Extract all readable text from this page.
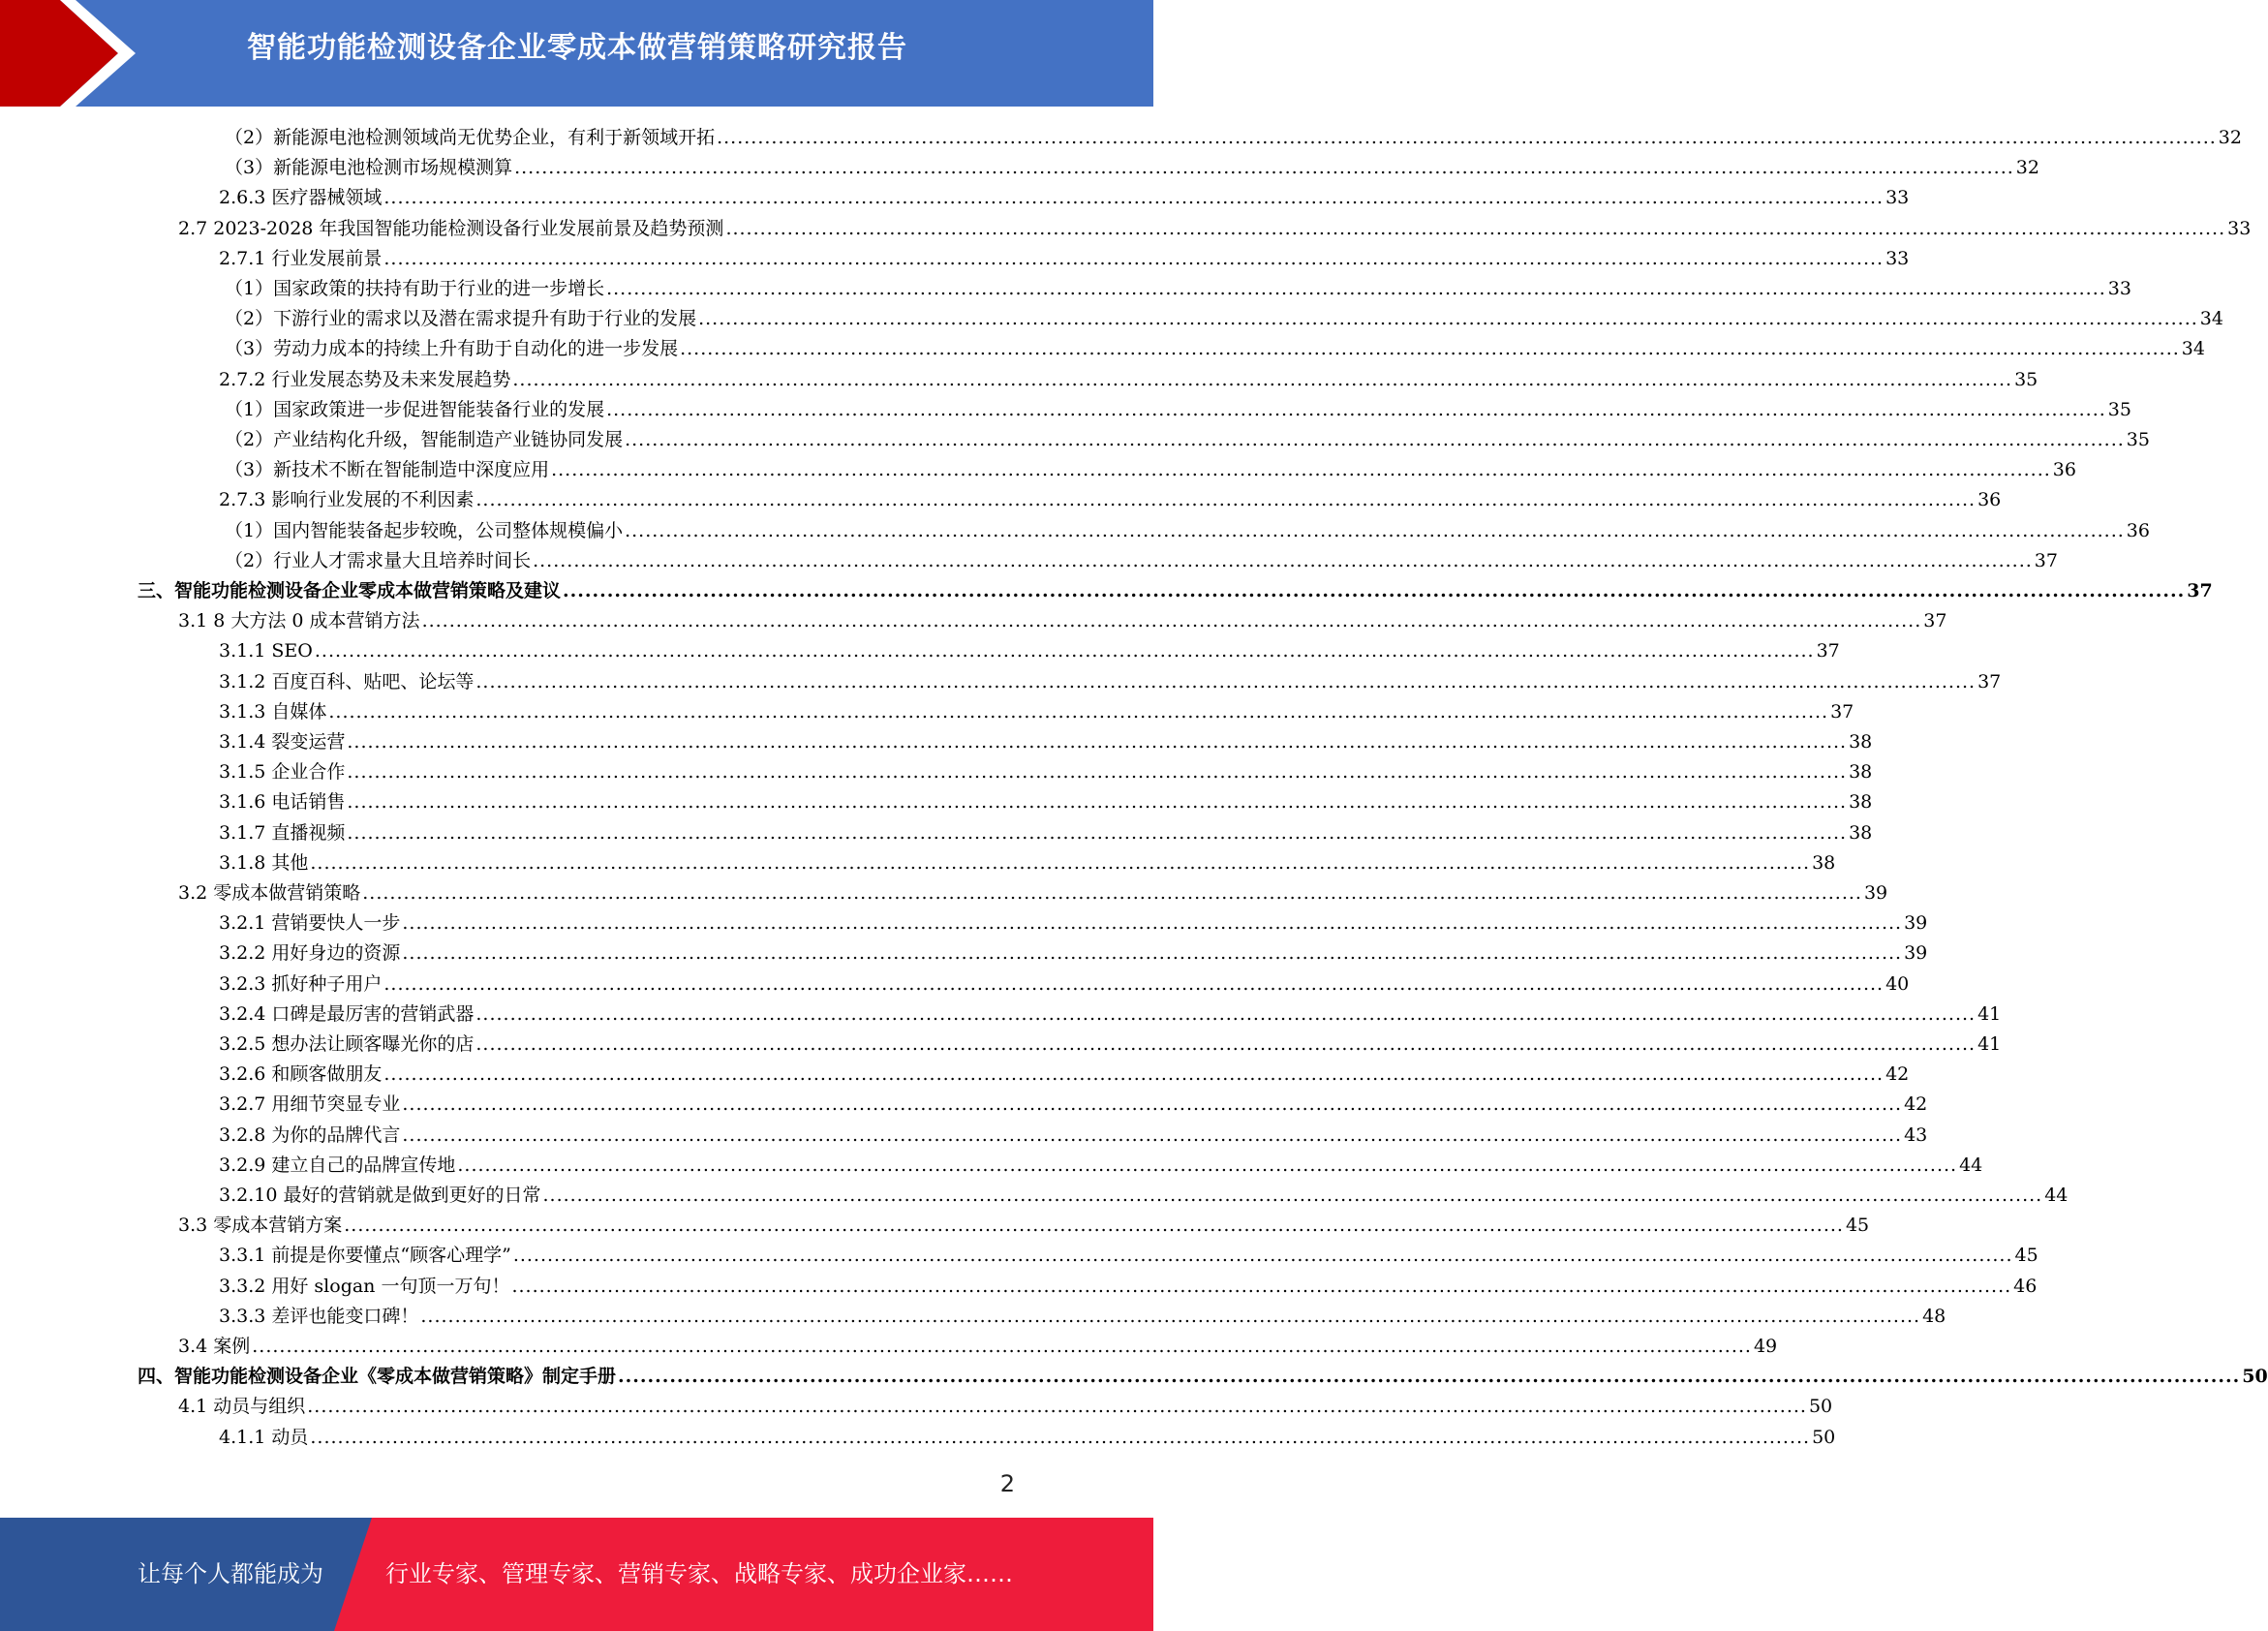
智能功能检测设备企业零成本做营销策略研究报告
（2）新能源电池检测领域尚无优势企业，有利于新领域开拓 ............................................................................................................................................................................................................................ 32
（3）新能源电池检测市场规模测算 ............................................................................................................................................................................................................................ 32
2.6.3 医疗器械领域 ............................................................................................................................................................................................................................ 33
2.7 2023-2028 年我国智能功能检测设备行业发展前景及趋势预测 ............................................................................................................................................................................................................................ 33
2.7.1 行业发展前景 ............................................................................................................................................................................................................................ 33
（1）国家政策的扶持有助于行业的进一步增长 ............................................................................................................................................................................................................................ 33
（2）下游行业的需求以及潜在需求提升有助于行业的发展 ............................................................................................................................................................................................................................ 34
（3）劳动力成本的持续上升有助于自动化的进一步发展 ............................................................................................................................................................................................................................ 34
2.7.2 行业发展态势及未来发展趋势 ............................................................................................................................................................................................................................ 35
（1）国家政策进一步促进智能装备行业的发展 ............................................................................................................................................................................................................................ 35
（2）产业结构化升级，智能制造产业链协同发展 ............................................................................................................................................................................................................................ 35
（3）新技术不断在智能制造中深度应用 ............................................................................................................................................................................................................................ 36
2.7.3 影响行业发展的不利因素 ............................................................................................................................................................................................................................ 36
（1）国内智能装备起步较晚，公司整体规模偏小 ............................................................................................................................................................................................................................ 36
（2）行业人才需求量大且培养时间长 ............................................................................................................................................................................................................................ 37
三、智能功能检测设备企业零成本做营销策略及建议 ............................................................................................................................................................................................................................ 37
3.1 8 大方法 0 成本营销方法 ............................................................................................................................................................................................................................ 37
3.1.1 SEO ............................................................................................................................................................................................................................ 37
3.1.2 百度百科、贴吧、论坛等 ............................................................................................................................................................................................................................ 37
3.1.3 自媒体 ............................................................................................................................................................................................................................ 37
3.1.4 裂变运营 ............................................................................................................................................................................................................................ 38
3.1.5 企业合作 ............................................................................................................................................................................................................................ 38
3.1.6 电话销售 ............................................................................................................................................................................................................................ 38
3.1.7 直播视频 ............................................................................................................................................................................................................................ 38
3.1.8 其他 ............................................................................................................................................................................................................................ 38
3.2 零成本做营销策略 ............................................................................................................................................................................................................................ 39
3.2.1 营销要快人一步 ............................................................................................................................................................................................................................ 39
3.2.2 用好身边的资源 ............................................................................................................................................................................................................................ 39
3.2.3 抓好种子用户 ............................................................................................................................................................................................................................ 40
3.2.4 口碑是最厉害的营销武器 ............................................................................................................................................................................................................................ 41
3.2.5 想办法让顾客曝光你的店 ............................................................................................................................................................................................................................ 41
3.2.6 和顾客做朋友 ............................................................................................................................................................................................................................ 42
3.2.7 用细节突显专业 ............................................................................................................................................................................................................................ 42
3.2.8 为你的品牌代言 ............................................................................................................................................................................................................................ 43
3.2.9 建立自己的品牌宣传地 ............................................................................................................................................................................................................................ 44
3.2.10 最好的营销就是做到更好的日常 ............................................................................................................................................................................................................................ 44
3.3 零成本营销方案 ............................................................................................................................................................................................................................ 45
3.3.1 前提是你要懂点“顾客心理学” ............................................................................................................................................................................................................................ 45
3.3.2 用好 slogan 一句顶一万句！ ............................................................................................................................................................................................................................ 46
3.3.3 差评也能变口碑！ ............................................................................................................................................................................................................................ 48
3.4 案例 ............................................................................................................................................................................................................................ 49
四、智能功能检测设备企业《零成本做营销策略》制定手册 ............................................................................................................................................................................................................................ 50
4.1 动员与组织 ............................................................................................................................................................................................................................ 50
4.1.1 动员 ............................................................................................................................................................................................................................ 50
2
让每个人都能成为	行业专家、管理专家、营销专家、战略专家、成功企业家……
